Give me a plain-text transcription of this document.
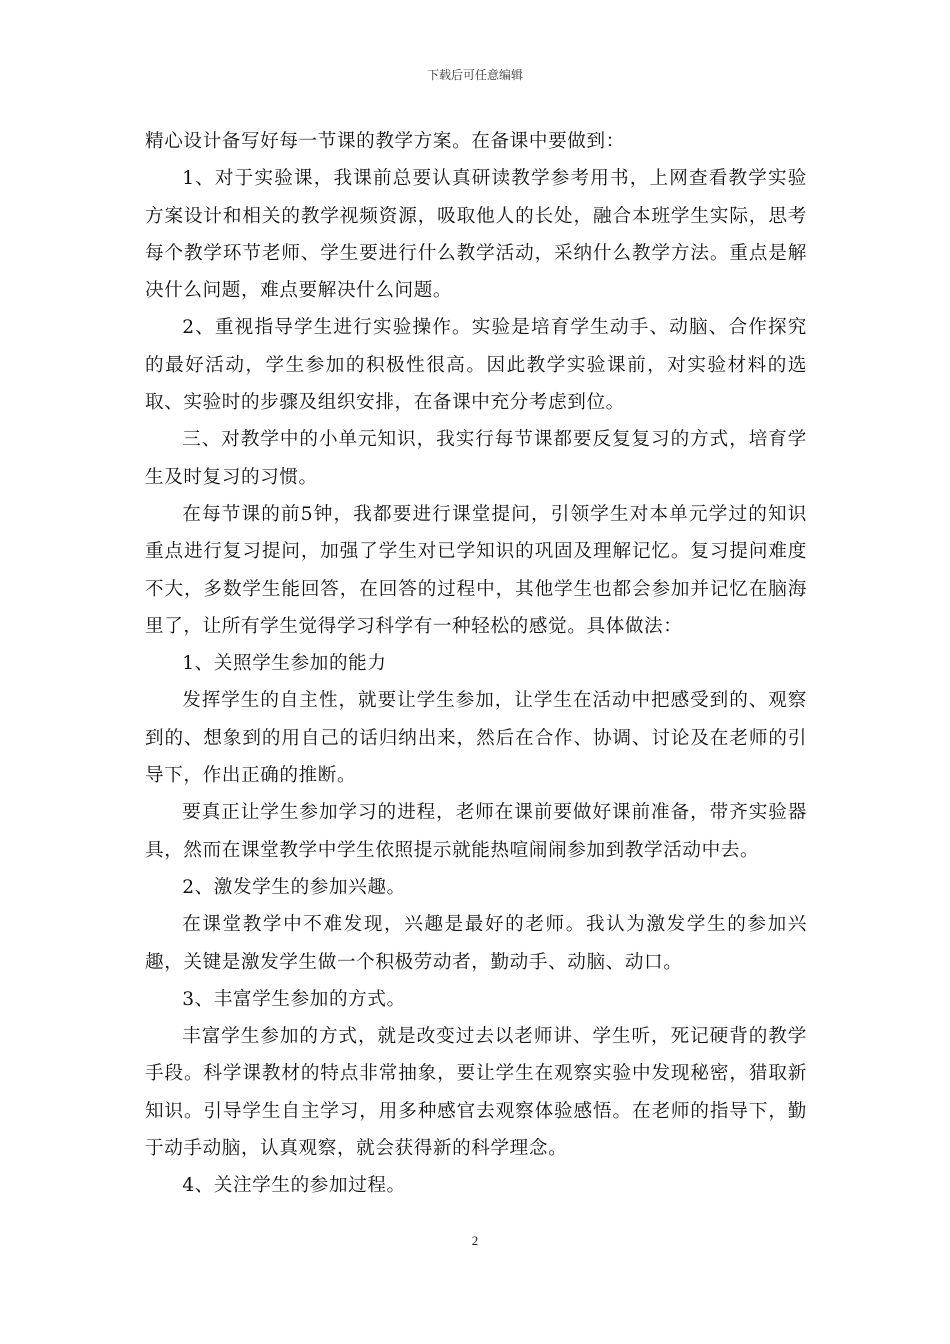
下载后可任意编辑

精心设计备写好每一节课的教学方案。在备课中要做到：

1、对于实验课，我课前总要认真研读教学参考用书，上网查看教学实验方案设计和相关的教学视频资源，吸取他人的长处，融合本班学生实际，思考每个教学环节老师、学生要进行什么教学活动，采纳什么教学方法。重点是解决什么问题，难点要解决什么问题。

2、重视指导学生进行实验操作。实验是培育学生动手、动脑、合作探究的最好活动，学生参加的积极性很高。因此教学实验课前，对实验材料的选取、实验时的步骤及组织安排，在备课中充分考虑到位。

三、对教学中的小单元知识，我实行每节课都要反复复习的方式，培育学生及时复习的习惯。

在每节课的前5钟，我都要进行课堂提问，引领学生对本单元学过的知识重点进行复习提问，加强了学生对已学知识的巩固及理解记忆。复习提问难度不大，多数学生能回答，在回答的过程中，其他学生也都会参加并记忆在脑海里了，让所有学生觉得学习科学有一种轻松的感觉。具体做法：

1、关照学生参加的能力

发挥学生的自主性，就要让学生参加，让学生在活动中把感受到的、观察到的、想象到的用自己的话归纳出来，然后在合作、协调、讨论及在老师的引导下，作出正确的推断。

要真正让学生参加学习的进程，老师在课前要做好课前准备，带齐实验器具，然而在课堂教学中学生依照提示就能热喧闹闹参加到教学活动中去。

2、激发学生的参加兴趣。

在课堂教学中不难发现，兴趣是最好的老师。我认为激发学生的参加兴趣，关键是激发学生做一个积极劳动者，勤动手、动脑、动口。

3、丰富学生参加的方式。

丰富学生参加的方式，就是改变过去以老师讲、学生听，死记硬背的教学手段。科学课教材的特点非常抽象，要让学生在观察实验中发现秘密，猎取新知识。引导学生自主学习，用多种感官去观察体验感悟。在老师的指导下，勤于动手动脑，认真观察，就会获得新的科学理念。

4、关注学生的参加过程。

2
